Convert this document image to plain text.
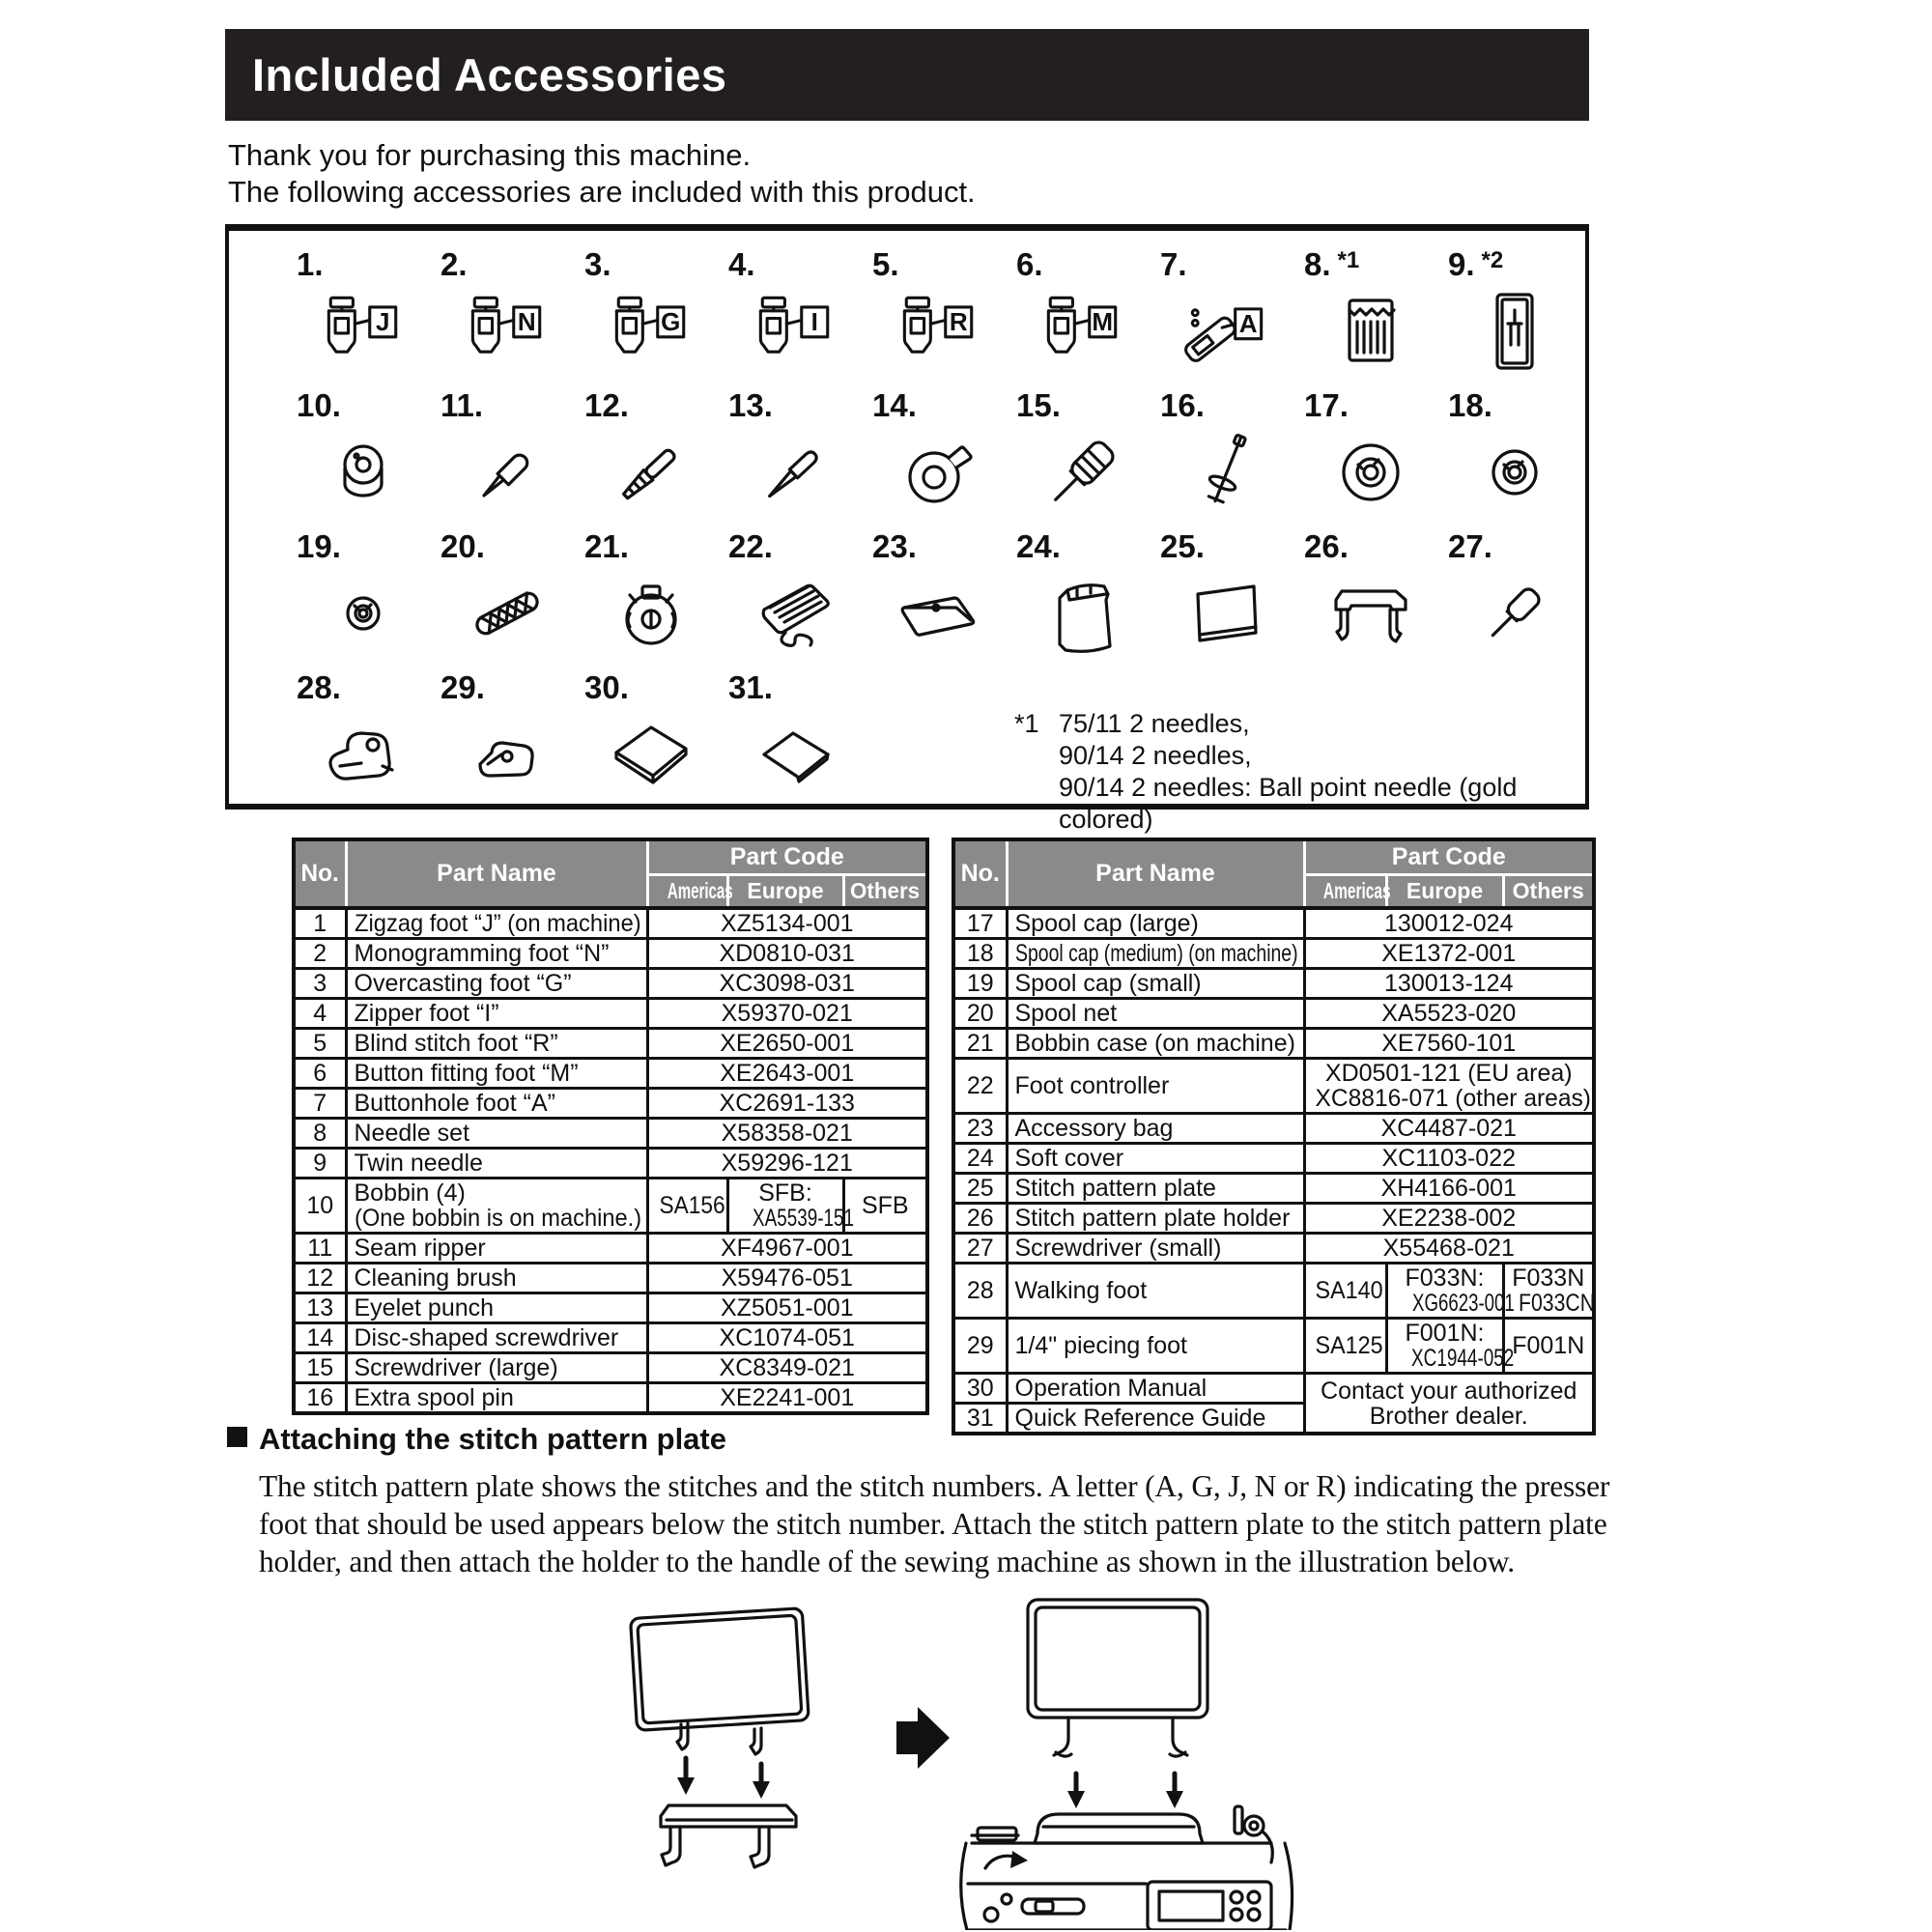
Included Accessories
Thank you for purchasing this machine.
The following accessories are included with this product.
1.
J
2.
N
3.
G
4.
I
5.
R
6.
M
7.
A
8. $^{*1}$	9. $^{*2}$
10.	11.	12.	13.	14.	15.	16.	17.	18.
19.	20.	21.	22.	23.	24.	25.	26.	27.
28.	29.	30.	31.
*1 75/11 2 needles,
90/14 2 needles,
90/14 2 needles: Ball point needle (gold colored)
No.	Part Name	Part Code		

		Americas	Europe	Others

1	Zigzag foot “J” (on machine)	XZ5134-001		

2	Monogramming foot “N”	XD0810-031		

3	Overcasting foot “G”	XC3098-031		

4	Zipper foot “I”	X59370-021		

5	Blind stitch foot “R”	XE2650-001		

6	Button fitting foot “M”	XE2643-001		

7	Buttonhole foot “A”	XC2691-133		

8	Needle set	X58358-021		

9	Twin needle	X59296-121		

10	Bobbin (4)
(One bobbin is on machine.)	SA156	SFB:
XA5539-151	SFB

11	Seam ripper	XF4967-001		

12	Cleaning brush	X59476-051		

13	Eyelet punch	XZ5051-001		

14	Disc-shaped screwdriver	XC1074-051		

15	Screwdriver (large)	XC8349-021		

16	Extra spool pin	XE2241-001		
No.	Part Name	Part Code		

		Americas	Europe	Others

17	Spool cap (large)	130012-024		

18	Spool cap (medium) (on machine)	XE1372-001		

19	Spool cap (small)	130013-124		

20	Spool net	XA5523-020		

21	Bobbin case (on machine)	XE7560-101		

22	Foot controller	XD0501-121 (EU area)
XC8816-071 (other areas)		

23	Accessory bag	XC4487-021		

24	Soft cover	XC1103-022		

25	Stitch pattern plate	XH4166-001		

26	Stitch pattern plate holder	XE2238-002		

27	Screwdriver (small)	X55468-021		

28	Walking foot	SA140	F033N:
XG6623-001	F033N
F033CN

29	1/4" piecing foot	SA125	F001N:
XC1944-052	F001N

30	Operation Manual	Contact your authorized
Brother dealer.		

31	Quick Reference Guide			
Attaching the stitch pattern plate

The stitch pattern plate shows the stitches and the stitch numbers. A letter (A, G, J, N or R) indicating the presser foot that should be used appears below the stitch number. Attach the stitch pattern plate to the stitch pattern plate holder, and then attach the holder to the handle of the sewing machine as shown in the illustration below.
